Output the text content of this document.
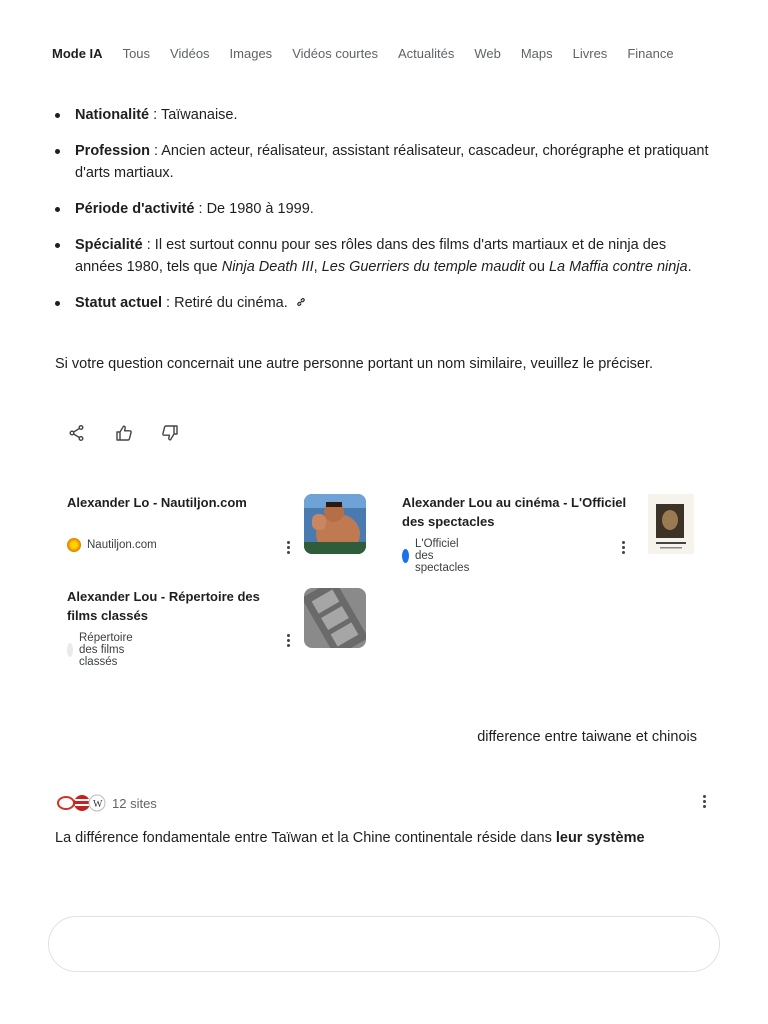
Nationalité : Taïwanaise.
Profession : Ancien acteur, réalisateur, assistant réalisateur, cascadeur, chorégraphe et pratiquant d'arts martiaux.
Période d'activité : De 1980 à 1999.
Spécialité : Il est surtout connu pour ses rôles dans des films d'arts martiaux et de ninja des années 1980, tels que Ninja Death III, Les Guerriers du temple maudit ou La Maffia contre ninja.
Statut actuel : Retiré du cinéma.
Si votre question concernait une autre personne portant un nom similaire, veuillez le préciser.
Alexander Lo - Nautiljon.com
Nautiljon.com
Alexander Lou au cinéma - L'Officiel des spectacles
L'Officiel des spectacles
Alexander Lou - Répertoire des films classés
Répertoire des films classés
difference entre taiwane et chinois
W 12 sites
La différence fondamentale entre Taïwan et la Chine continentale réside dans leur système
Mode IA Tous Vidéos Images Vidéos courtes Actualités Web Maps Livres Finance
